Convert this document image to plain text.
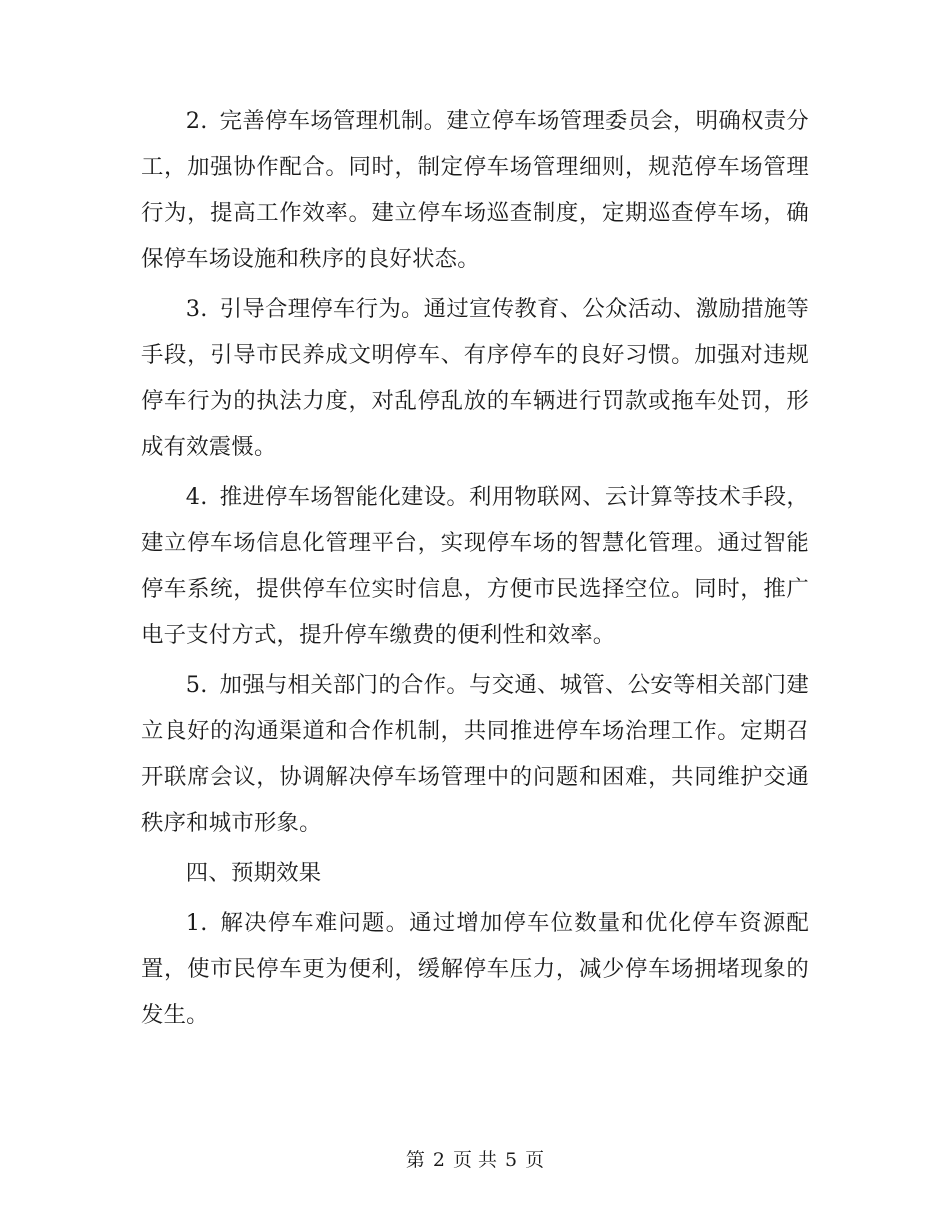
2. 完善停车场管理机制。建立停车场管理委员会，明确权责分工，加强协作配合。同时，制定停车场管理细则，规范停车场管理行为，提高工作效率。建立停车场巡查制度，定期巡查停车场，确保停车场设施和秩序的良好状态。

3. 引导合理停车行为。通过宣传教育、公众活动、激励措施等手段，引导市民养成文明停车、有序停车的良好习惯。加强对违规停车行为的执法力度，对乱停乱放的车辆进行罚款或拖车处罚，形成有效震慑。

4. 推进停车场智能化建设。利用物联网、云计算等技术手段，建立停车场信息化管理平台，实现停车场的智慧化管理。通过智能停车系统，提供停车位实时信息，方便市民选择空位。同时，推广电子支付方式，提升停车缴费的便利性和效率。

5. 加强与相关部门的合作。与交通、城管、公安等相关部门建立良好的沟通渠道和合作机制，共同推进停车场治理工作。定期召开联席会议，协调解决停车场管理中的问题和困难，共同维护交通秩序和城市形象。

四、预期效果

1. 解决停车难问题。通过增加停车位数量和优化停车资源配置，使市民停车更为便利，缓解停车压力，减少停车场拥堵现象的发生。

第 2 页 共 5 页
